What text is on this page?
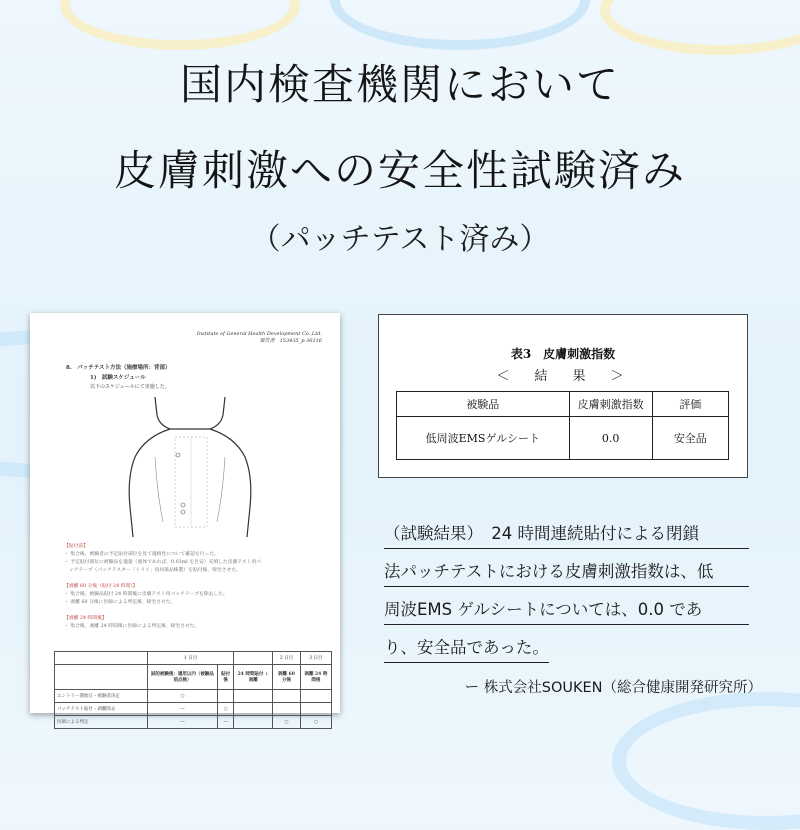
国内検査機関において
皮膚刺激への安全性試験済み
（パッチテスト済み）
Institute of General Health Development Co.,Ltd.
報告書　153435_p-36116
8.　パッチテスト方法（施療場所：背部）
1)　試験スケジュール
以下のスケジュールにて実施した。
【貼付前】
・ 集合後、被験者の予定貼付部位を見て適格性について確認を行った。
・ 予定貼付部位に被験品を適量（液体であれば、0.03ml を目安）充填した皮膚テスト用パ
　ッチテープ（パッチテスター「トリイ」鳥居薬品株製）を貼付後、帰宅させた。
【剥離 60 分後（貼付 24 時間）】
・ 集合後、被験品貼付 24 時間後に皮膚テスト用パッチテープを除去した。
・ 剥離 60 分後に医師による判定後、帰宅させた。
【剥離 24 時間後】
・ 集合後、剥離 24 時間後に医師による判定後、帰宅させた。
	1 日目			2 日目	3 日目
	試的被験後：適用以内（被験品前点検）	貼付後	24 時間貼付 ↓ 剥離	剥離 60 分後	剥離 24 時間後
エントリー開始日・被験者決定	○				
パッチテスト貼付・剥離除去	—	○			
医師による判定	—	—		○	○
表3　皮膚刺激指数
＜　結　果　＞
被験品	皮膚刺激指数	評価
低周波EMSゲルシート	0.0	安全品
（試験結果）　24 時間連続貼付による閉鎖
法パッチテストにおける皮膚刺激指数は、低
周波EMS ゲルシートについては、0.0 であ
り、安全品であった。
ー 株式会社SOUKEN（総合健康開発研究所）
